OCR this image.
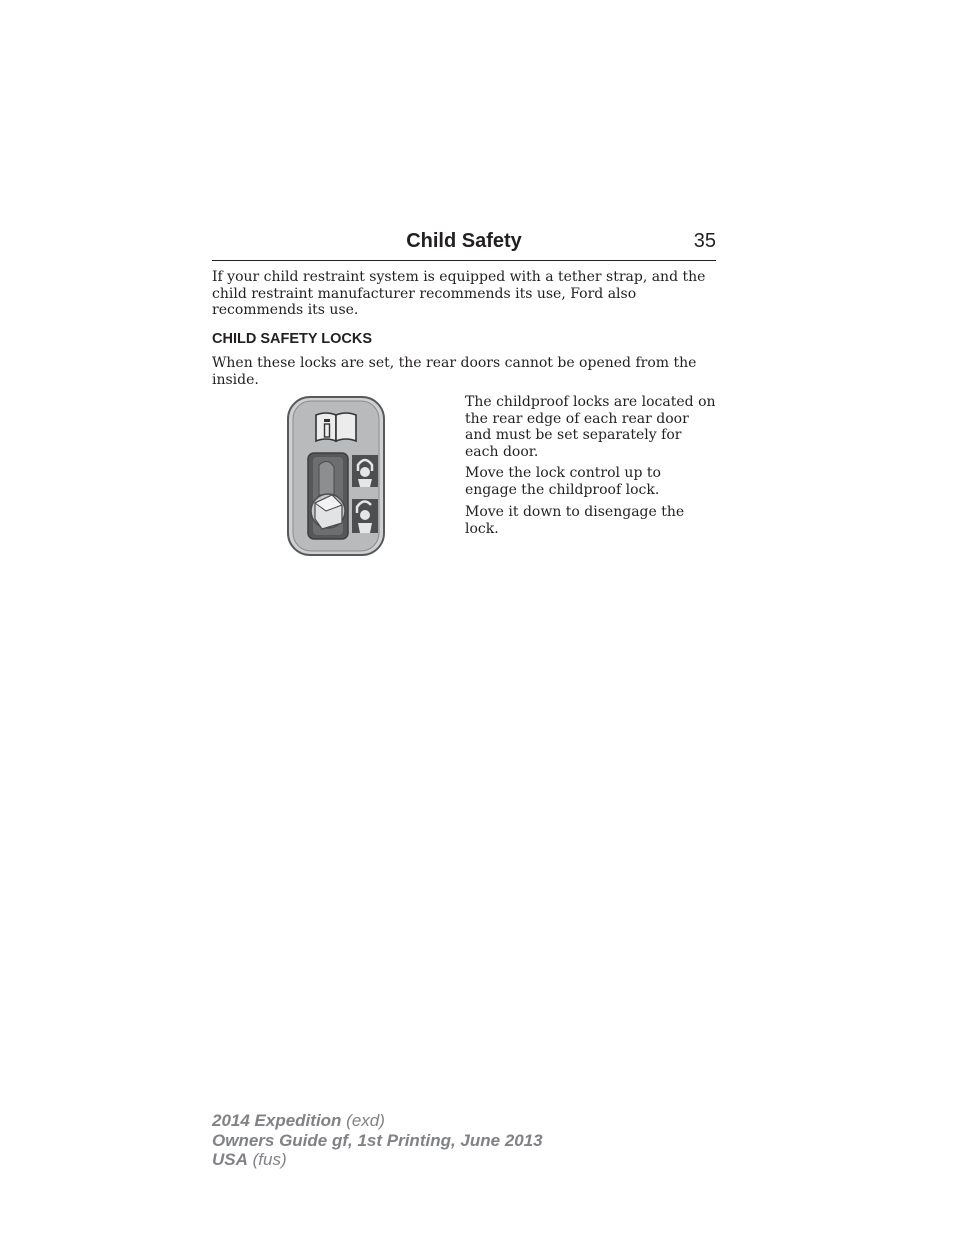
Child Safety	35

If your child restraint system is equipped with a tether strap, and the child restraint manufacturer recommends its use, Ford also recommends its use.

CHILD SAFETY LOCKS

When these locks are set, the rear doors cannot be opened from the inside.

The childproof locks are located on the rear edge of each rear door and must be set separately for each door.

Move the lock control up to engage the childproof lock.

Move it down to disengage the lock.

2014 Expedition (exd)
Owners Guide gf, 1st Printing, June 2013
USA (fus)
